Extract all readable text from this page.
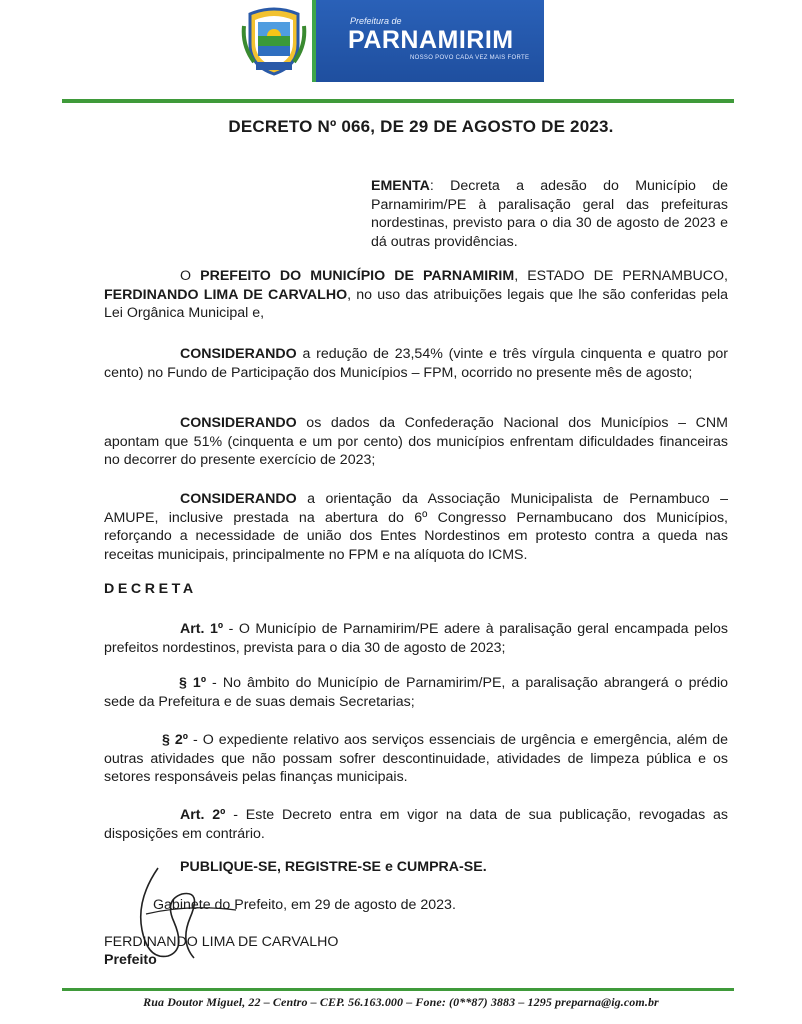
Prefeitura de
PARNAMIRIM
NOSSO POVO CADA VEZ MAIS FORTE
DECRETO Nº 066, DE 29 DE AGOSTO DE 2023.
EMENTA: Decreta a adesão do Município de Parnamirim/PE à paralisação geral das prefeituras nordestinas, previsto para o dia 30 de agosto de 2023 e dá outras providências.
O PREFEITO DO MUNICÍPIO DE PARNAMIRIM, ESTADO DE PERNAMBUCO, FERDINANDO LIMA DE CARVALHO, no uso das atribuições legais que lhe são conferidas pela Lei Orgânica Municipal e,
CONSIDERANDO a redução de 23,54% (vinte e três vírgula cinquenta e quatro por cento) no Fundo de Participação dos Municípios – FPM, ocorrido no presente mês de agosto;
CONSIDERANDO os dados da Confederação Nacional dos Municípios – CNM apontam que 51% (cinquenta e um por cento) dos municípios enfrentam dificuldades financeiras no decorrer do presente exercício de 2023;
CONSIDERANDO a orientação da Associação Municipalista de Pernambuco – AMUPE, inclusive prestada na abertura do 6º Congresso Pernambucano dos Municípios, reforçando a necessidade de união dos Entes Nordestinos em protesto contra a queda nas receitas municipais, principalmente no FPM e na alíquota do ICMS.
DECRETA
Art. 1º - O Município de Parnamirim/PE adere à paralisação geral encampada pelos prefeitos nordestinos, prevista para o dia 30 de agosto de 2023;
§ 1º - No âmbito do Município de Parnamirim/PE, a paralisação abrangerá o prédio sede da Prefeitura e de suas demais Secretarias;
§ 2º - O expediente relativo aos serviços essenciais de urgência e emergência, além de outras atividades que não possam sofrer descontinuidade, atividades de limpeza pública e os setores responsáveis pelas finanças municipais.
Art. 2º - Este Decreto entra em vigor na data de sua publicação, revogadas as disposições em contrário.
PUBLIQUE-SE, REGISTRE-SE e CUMPRA-SE.
Gabinete do Prefeito, em 29 de agosto de 2023.
FERDINANDO LIMA DE CARVALHO
Prefeito
Rua Doutor Miguel, 22 – Centro – CEP. 56.163.000 – Fone: (0**87) 3883 – 1295 preparna@ig.com.br
